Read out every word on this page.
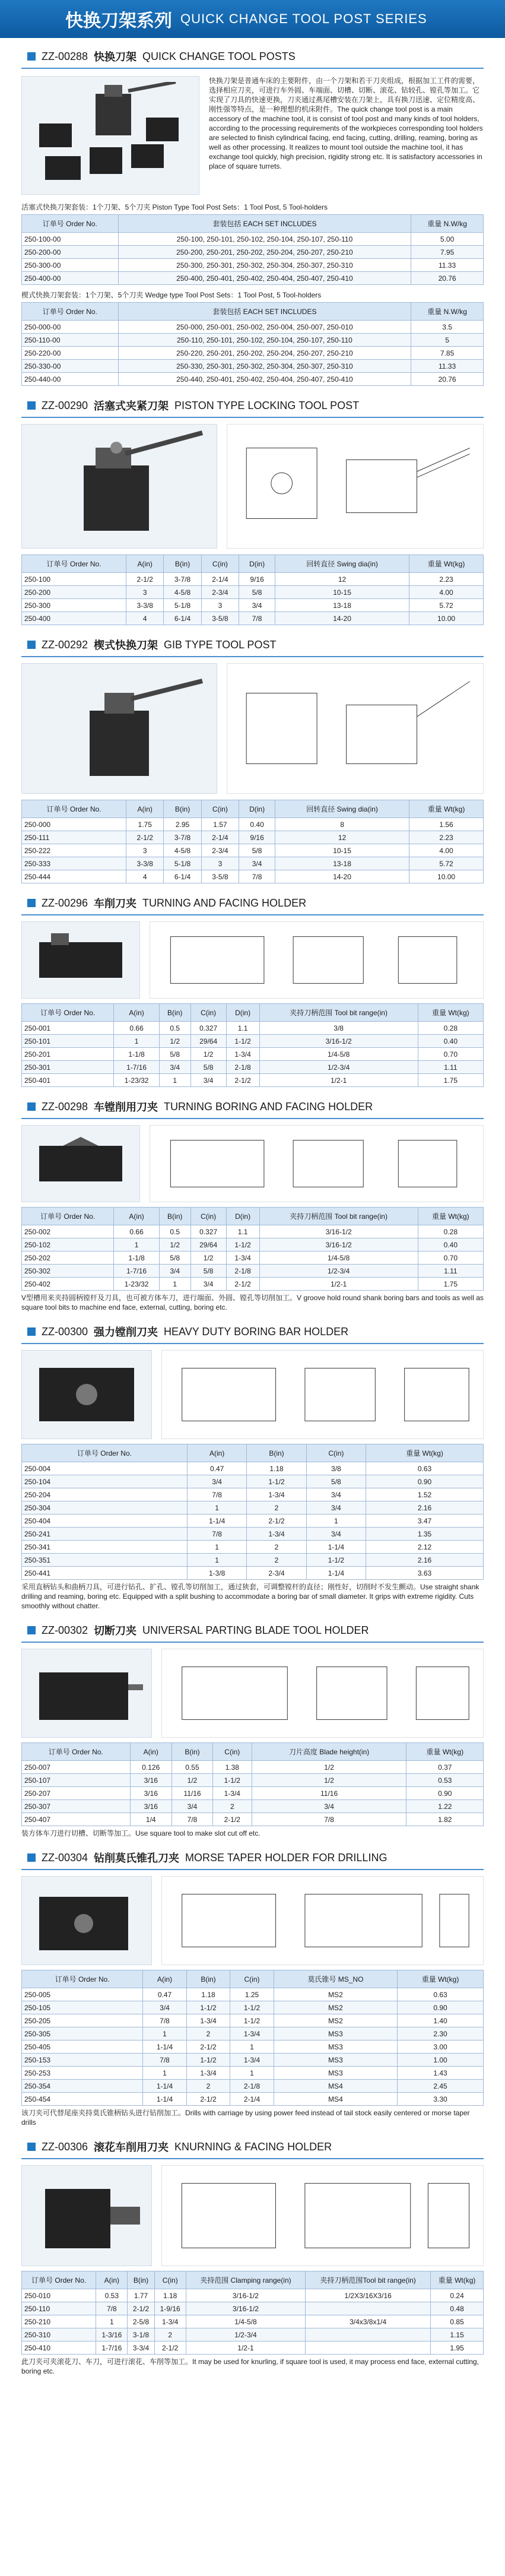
快换刀架系列 QUICK CHANGE TOOL POST SERIES
ZZ-00288 快换刀架 QUICK CHANGE TOOL POSTS
快换刀架是普通车床的主要附件，由一个刀架和若干刀夹组成，根据加工工件的需要，选择相应刀夹，可进行车外圆、车端面、切槽、切断、滚花、钻较孔、镗孔等加工。它实现了刀具的快速更换，刀夹通过燕尾槽安装在刀架上，具有换刀迅速、定位精度高、刚性强等特点，是一种理想的机床附件。The quick change tool post is a main accessory of the machine tool, it is consist of tool post and many kinds of tool holders, according to the processing requirements of the workpieces corresponding tool holders are selected to finish cylindrical facing, end facing, cutting, drilling, reaming, boring as well as other processing. It realizes to mount tool outside the machine tool, it has exchange tool quickly, high precision, rigidity strong etc. It is satisfactory accessories in place of square turrets.
活塞式快换刀架套装：1个刀架、5个刀夹 Piston Type Tool Post Sets：1 Tool Post, 5 Tool-holders
订单号 Order No.	套装包括 EACH SET INCLUDES	重量 N.W/kg
250-100-00	250-100, 250-101, 250-102, 250-104, 250-107, 250-110	5.00
250-200-00	250-200, 250-201, 250-202, 250-204, 250-207, 250-210	7.95
250-300-00	250-300, 250-301, 250-302, 250-304, 250-307, 250-310	11.33
250-400-00	250-400, 250-401, 250-402, 250-404, 250-407, 250-410	20.76
楔式快换刀架套装：1个刀架、5个刀夹 Wedge type Tool Post Sets：1 Tool Post, 5 Tool-holders
订单号 Order No.	套装包括 EACH SET INCLUDES	重量 N.W/kg
250-000-00	250-000, 250-001, 250-002, 250-004, 250-007, 250-010	3.5
250-110-00	250-110, 250-101, 250-102, 250-104, 250-107, 250-110	5
250-220-00	250-220, 250-201, 250-202, 250-204, 250-207, 250-210	7.85
250-330-00	250-330, 250-301, 250-302, 250-304, 250-307, 250-310	11.33
250-440-00	250-440, 250-401, 250-402, 250-404, 250-407, 250-410	20.76
ZZ-00290 活塞式夹紧刀架 PISTON TYPE LOCKING TOOL POST
订单号 Order No.	A(in)	B(in)	C(in)	D(in)	回转直径 Swing dia(in)	重量 Wt(kg)
250-100	2-1/2	3-7/8	2-1/4	9/16	12	2.23
250-200	3	4-5/8	2-3/4	5/8	10-15	4.00
250-300	3-3/8	5-1/8	3	3/4	13-18	5.72
250-400	4	6-1/4	3-5/8	7/8	14-20	10.00
ZZ-00292 楔式快换刀架 GIB TYPE TOOL POST
订单号 Order No.	A(in)	B(in)	C(in)	D(in)	回转直径 Swing dia(in)	重量 Wt(kg)
250-000	1.75	2.95	1.57	0.40	8	1.56
250-111	2-1/2	3-7/8	2-1/4	9/16	12	2.23
250-222	3	4-5/8	2-3/4	5/8	10-15	4.00
250-333	3-3/8	5-1/8	3	3/4	13-18	5.72
250-444	4	6-1/4	3-5/8	7/8	14-20	10.00
ZZ-00296 车削刀夹 TURNING AND FACING HOLDER
订单号 Order No.	A(in)	B(in)	C(in)	D(in)	夹持刀柄范围 Tool bit range(in)	重量 Wt(kg)
250-001	0.66	0.5	0.327	1.1	3/8	0.28
250-101	1	1/2	29/64	1-1/2	3/16-1/2	0.40
250-201	1-1/8	5/8	1/2	1-3/4	1/4-5/8	0.70
250-301	1-7/16	3/4	5/8	2-1/8	1/2-3/4	1.11
250-401	1-23/32	1	3/4	2-1/2	1/2-1	1.75
ZZ-00298 车镗削用刀夹 TURNING BORING AND FACING HOLDER
订单号 Order No.	A(in)	B(in)	C(in)	D(in)	夹持刀柄范围 Tool bit range(in)	重量 Wt(kg)
250-002	0.66	0.5	0.327	1.1	3/16-1/2	0.28
250-102	1	1/2	29/64	1-1/2	3/16-1/2	0.40
250-202	1-1/8	5/8	1/2	1-3/4	1/4-5/8	0.70
250-302	1-7/16	3/4	5/8	2-1/8	1/2-3/4	1.11
250-402	1-23/32	1	3/4	2-1/2	1/2-1	1.75
V型槽用来夹持圆柄镗杆及刀具，也可被方体车刀，进行端面、外圆、镗孔等切削加工。V groove hold round shank boring bars and tools as well as square tool bits to machine end face, external, cutting, boring etc.
ZZ-00300 强力镗削刀夹 HEAVY DUTY BORING BAR HOLDER
订单号 Order No.	A(in)	B(in)	C(in)	重量 Wt(kg)
250-004	0.47	1.18	3/8	0.63
250-104	3/4	1-1/2	5/8	0.90
250-204	7/8	1-3/4	3/4	1.52
250-304	1	2	3/4	2.16
250-404	1-1/4	2-1/2	1	3.47
250-241	7/8	1-3/4	3/4	1.35
250-341	1	2	1-1/4	2.12
250-351	1	2	1-1/2	2.16
250-441	1-3/8	2-3/4	1-1/4	3.63
采用直柄钻头和曲柄刀具，可进行钻孔、扩孔、镗孔等切削加工，通过狭套，可调整镗杆的直径；刚性好，切削时不发生颤动。Use straight shank drilling and reaming, boring etc. Equipped with a split bushing to accommodate a boring bar of small diameter. It grips with extreme rigidity. Cuts smoothly without chatter.
ZZ-00302 切断刀夹 UNIVERSAL PARTING BLADE TOOL HOLDER
订单号 Order No.	A(in)	B(in)	C(in)	刀片高度 Blade height(in)	重量 Wt(kg)
250-007	0.126	0.55	1.38	1/2	0.37
250-107	3/16	1/2	1-1/2	1/2	0.53
250-207	3/16	11/16	1-3/4	11/16	0.90
250-307	3/16	3/4	2	3/4	1.22
250-407	1/4	7/8	2-1/2	7/8	1.82
装方体车刀进行切槽、切断等加工。Use square tool to make slot cut off etc.
ZZ-00304 钻削莫氏锥孔刀夹 MORSE TAPER HOLDER FOR DRILLING
订单号 Order No.	A(in)	B(in)	C(in)	莫氏锥号 MS_NO	重量 Wt(kg)
250-005	0.47	1.18	1.25	MS2	0.63
250-105	3/4	1-1/2	1-1/2	MS2	0.90
250-205	7/8	1-3/4	1-1/2	MS2	1.40
250-305	1	2	1-3/4	MS3	2.30
250-405	1-1/4	2-1/2	1	MS3	3.00
250-153	7/8	1-1/2	1-3/4	MS3	1.00
250-253	1	1-3/4	1	MS3	1.43
250-354	1-1/4	2	2-1/8	MS4	2.45
250-454	1-1/4	2-1/2	2-1/4	MS4	3.30
该刀夹可代替尾座夹持莫氏锥柄钻头进行钻削加工。Drills with carriage by using power feed instead of tail stock easily centered or morse taper drills
ZZ-00306 滚花车削用刀夹 KNURNING & FACING HOLDER
订单号 Order No.	A(in)	B(in)	C(in)	夹持范围 Clamping range(in)	夹持刀柄范围Tool bit range(in)	重量 Wt(kg)
250-010	0.53	1.77	1.18	3/16-1/2	1/2X3/16X3/16	0.24
250-110	7/8	2-1/2	1-9/16	3/16-1/2		0.48
250-210	1	2-5/8	1-3/4	1/4-5/8	3/4x3/8x1/4	0.85
250-310	1-3/16	3-1/8	2	1/2-3/4		1.15
250-410	1-7/16	3-3/4	2-1/2	1/2-1		1.95
此刀夹可夹滚花刀、车刀，可进行滚花、车削等加工。It may be used for knurling, if square tool is used, it may process end face, external cutting, boring etc.
